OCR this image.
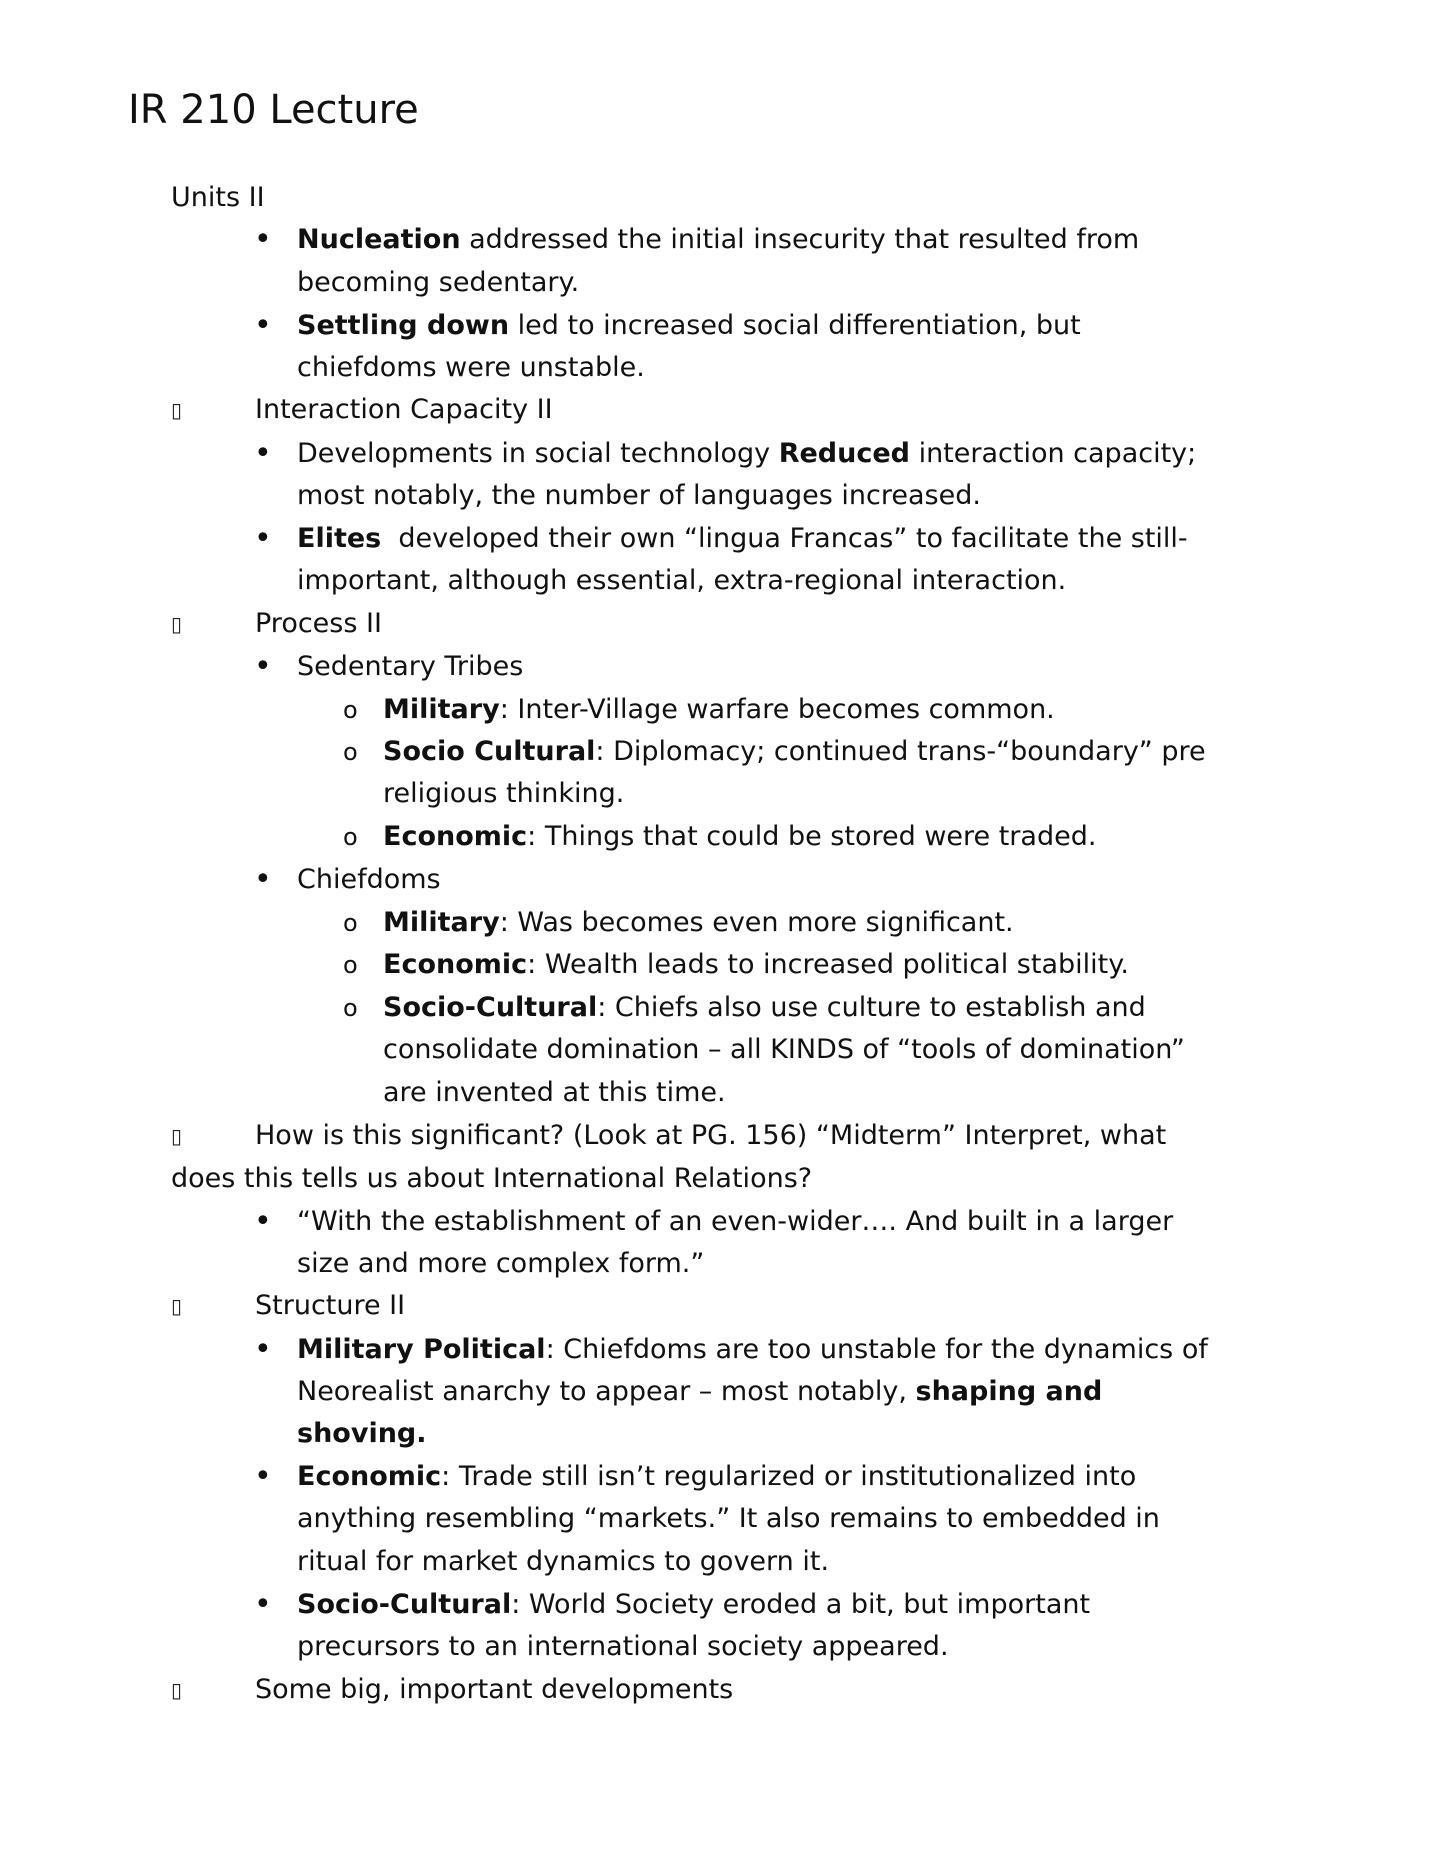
IR 210 Lecture
Units II
• Nucleation addressed the initial insecurity that resulted from
becoming sedentary.
• Settling down led to increased social differentiation, but
chiefdoms were unstable.
▯	Interaction Capacity II
• Developments in social technology Reduced interaction capacity;
most notably, the number of languages increased.
• Elites  developed their own “lingua Francas” to facilitate the still-
important, although essential, extra-regional interaction.
▯	Process II
• Sedentary Tribes
o Military: Inter-Village warfare becomes common.
o Socio Cultural: Diplomacy; continued trans-“boundary” pre
religious thinking.
o Economic: Things that could be stored were traded.
• Chiefdoms
o Military: Was becomes even more significant.
o Economic: Wealth leads to increased political stability.
o Socio-Cultural: Chiefs also use culture to establish and
consolidate domination – all KINDS of “tools of domination”
are invented at this time.
▯	How is this significant? (Look at PG. 156) “Midterm” Interpret, what
does this tells us about International Relations?
• “With the establishment of an even-wider…. And built in a larger
size and more complex form.”
▯	Structure II
• Military Political: Chiefdoms are too unstable for the dynamics of
Neorealist anarchy to appear – most notably, shaping and
shoving.
• Economic: Trade still isn’t regularized or institutionalized into
anything resembling “markets.” It also remains to embedded in
ritual for market dynamics to govern it.
• Socio-Cultural: World Society eroded a bit, but important
precursors to an international society appeared.
▯	Some big, important developments
